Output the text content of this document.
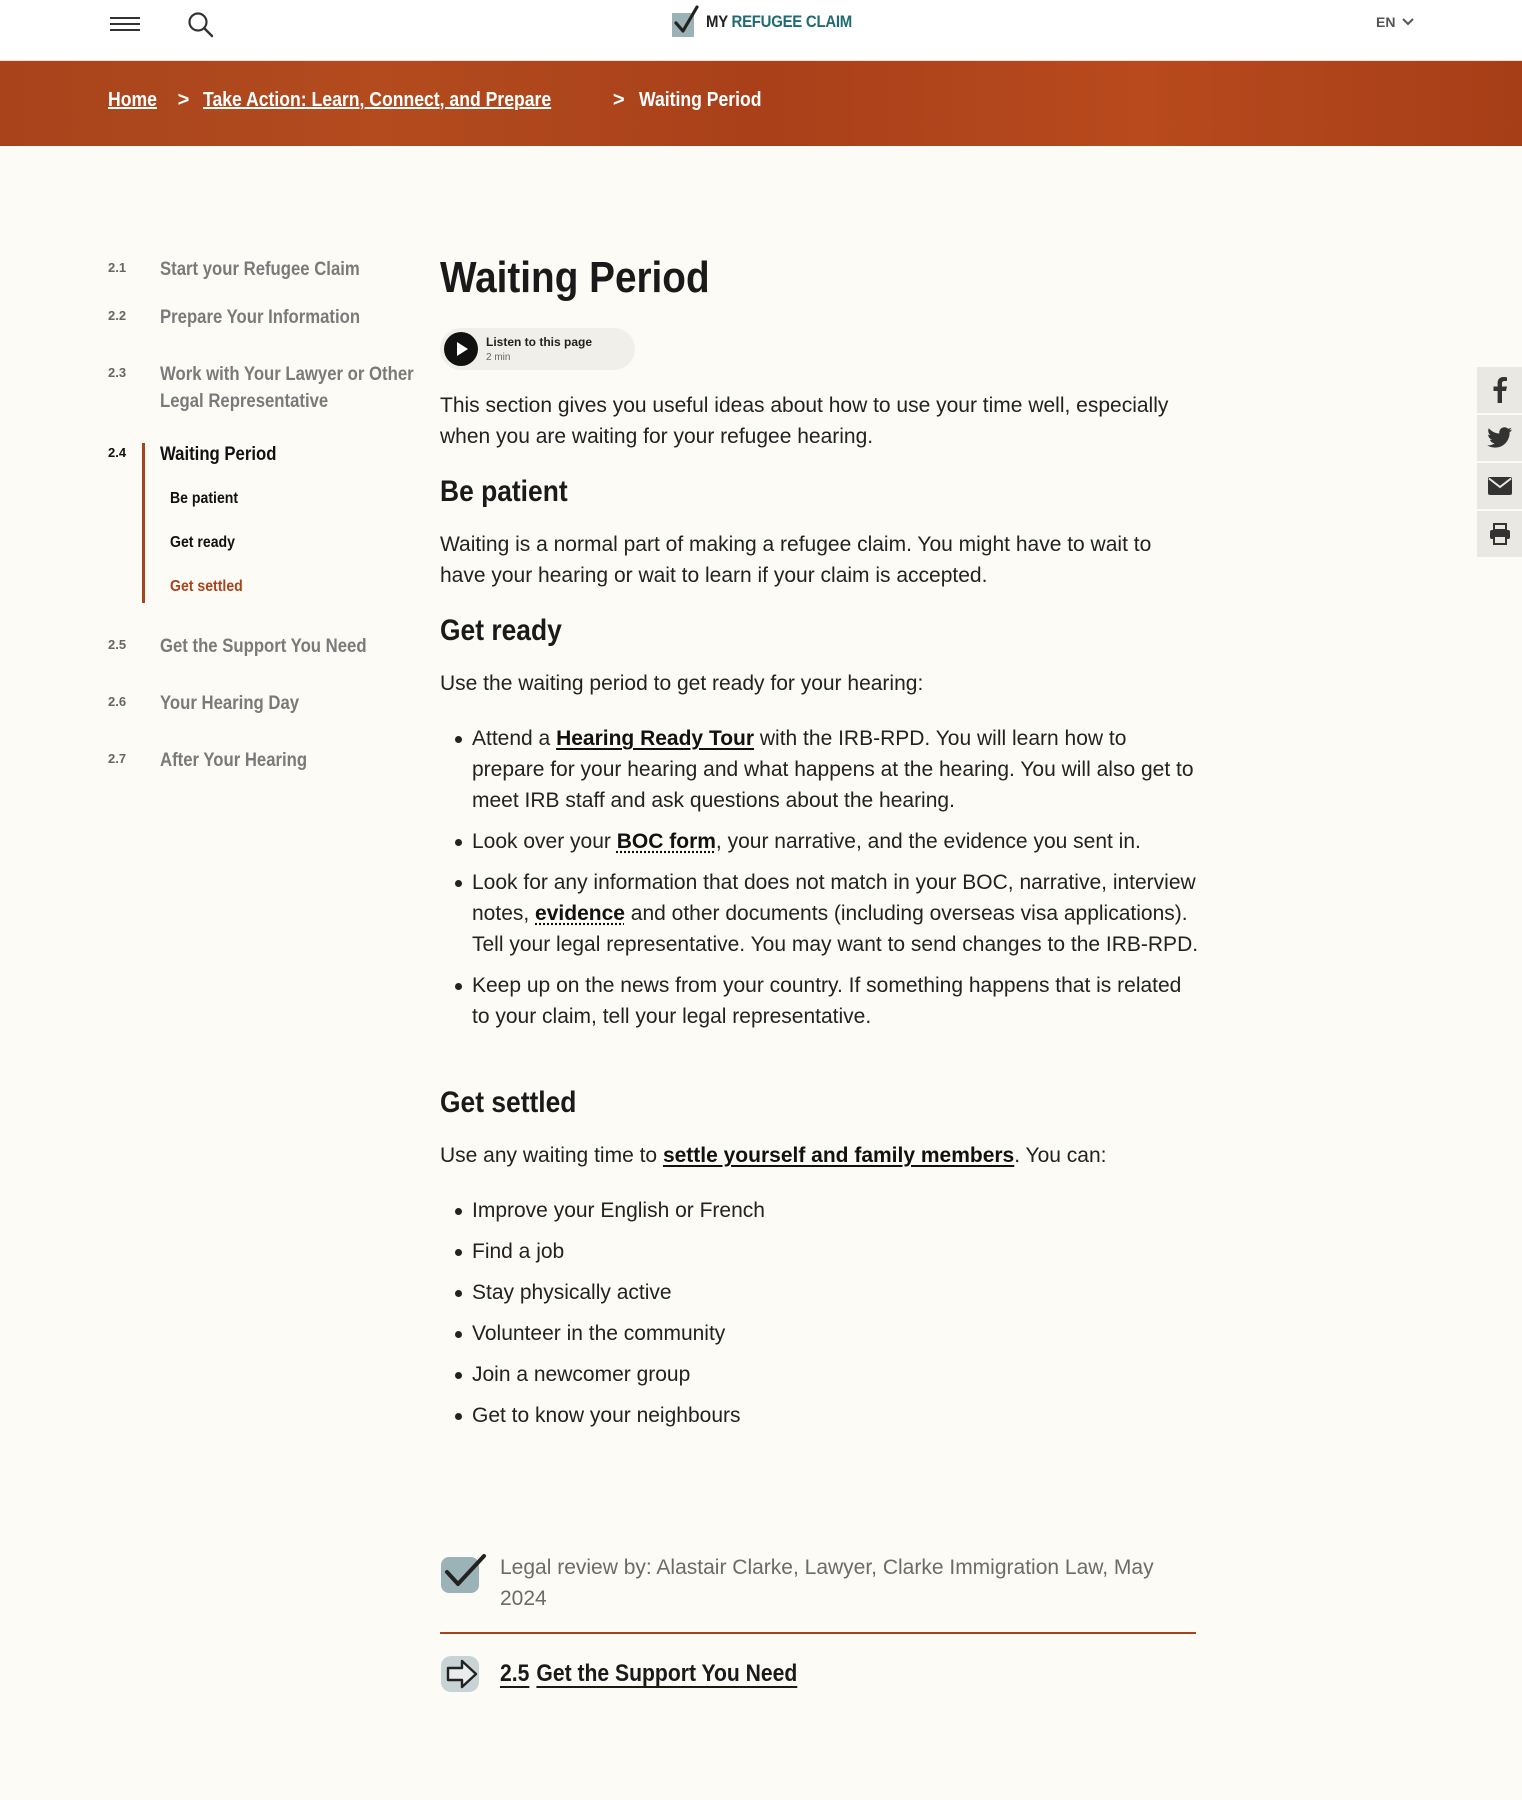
MY REFUGEE CLAIM	EN
Home > Take Action: Learn, Connect, and Prepare	> Waiting Period
2.1	Start your Refugee Claim
2.2	Prepare Your Information
2.3	Work with Your Lawyer or Other
Legal Representative
2.4	Waiting Period
Be patient
Get ready
Get settled
2.5	Get the Support You Need
2.6	Your Hearing Day
2.7	After Your Hearing
Waiting Period
Listen to this page
2 min

This section gives you useful ideas about how to use your time well, especially when you are waiting for your refugee hearing.

Be patient

Waiting is a normal part of making a refugee claim. You might have to wait to have your hearing or wait to learn if your claim is accepted.

Get ready

Use the waiting period to get ready for your hearing:

Attend a Hearing Ready Tour with the IRB-RPD. You will learn how to prepare for your hearing and what happens at the hearing. You will also get to meet IRB staff and ask questions about the hearing.
Look over your BOC form, your narrative, and the evidence you sent in.
Look for any information that does not match in your BOC, narrative, interview notes, evidence and other documents (including overseas visa applications). Tell your legal representative. You may want to send changes to the IRB-RPD.
Keep up on the news from your country. If something happens that is related to your claim, tell your legal representative.
Get settled

Use any waiting time to settle yourself and family members. You can:

Improve your English or French
Find a job
Stay physically active
Volunteer in the community
Join a newcomer group
Get to know your neighbours
Legal review by: Alastair Clarke, Lawyer, Clarke Immigration Law, May 2024
2.5 Get the Support You Need
